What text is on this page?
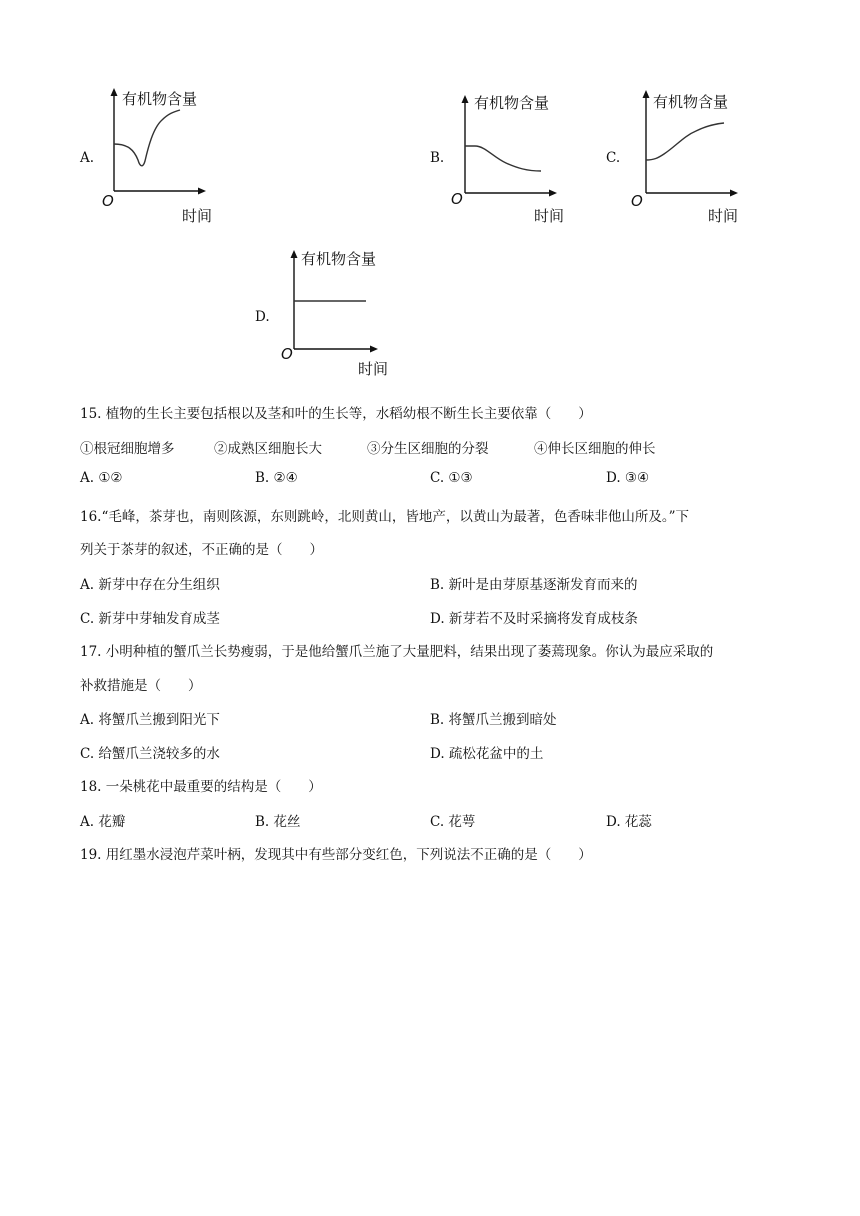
A.
有机物含量
O
时间
B.
有机物含量
O
时间
C.
有机物含量
O
时间
D.
有机物含量
O
时间
15. 植物的生长主要包括根以及茎和叶的生长等，水稻幼根不断生长主要依靠（　　）
①根冠细胞增多	②成熟区细胞长大	③分生区细胞的分裂	④伸长区细胞的伸长
A. ①②	B. ②④	C. ①③	D. ③④
16.“毛峰，茶芽也，南则陔源，东则跳岭，北则黄山，皆地产，以黄山为最著，色香味非他山所及。”下
列关于茶芽的叙述，不正确的是（　　）
A. 新芽中存在分生组织	B. 新叶是由芽原基逐渐发育而来的
C. 新芽中芽轴发育成茎	D. 新芽若不及时采摘将发育成枝条
17. 小明种植的蟹爪兰长势瘦弱，于是他给蟹爪兰施了大量肥料，结果出现了萎蔫现象。你认为最应采取的
补救措施是（　　）
A. 将蟹爪兰搬到阳光下	B. 将蟹爪兰搬到暗处
C. 给蟹爪兰浇较多的水	D. 疏松花盆中的土
18. 一朵桃花中最重要的结构是（　　）
A. 花瓣	B. 花丝	C. 花萼	D. 花蕊
19. 用红墨水浸泡芹菜叶柄，发现其中有些部分变红色，下列说法不正确的是（　　）
